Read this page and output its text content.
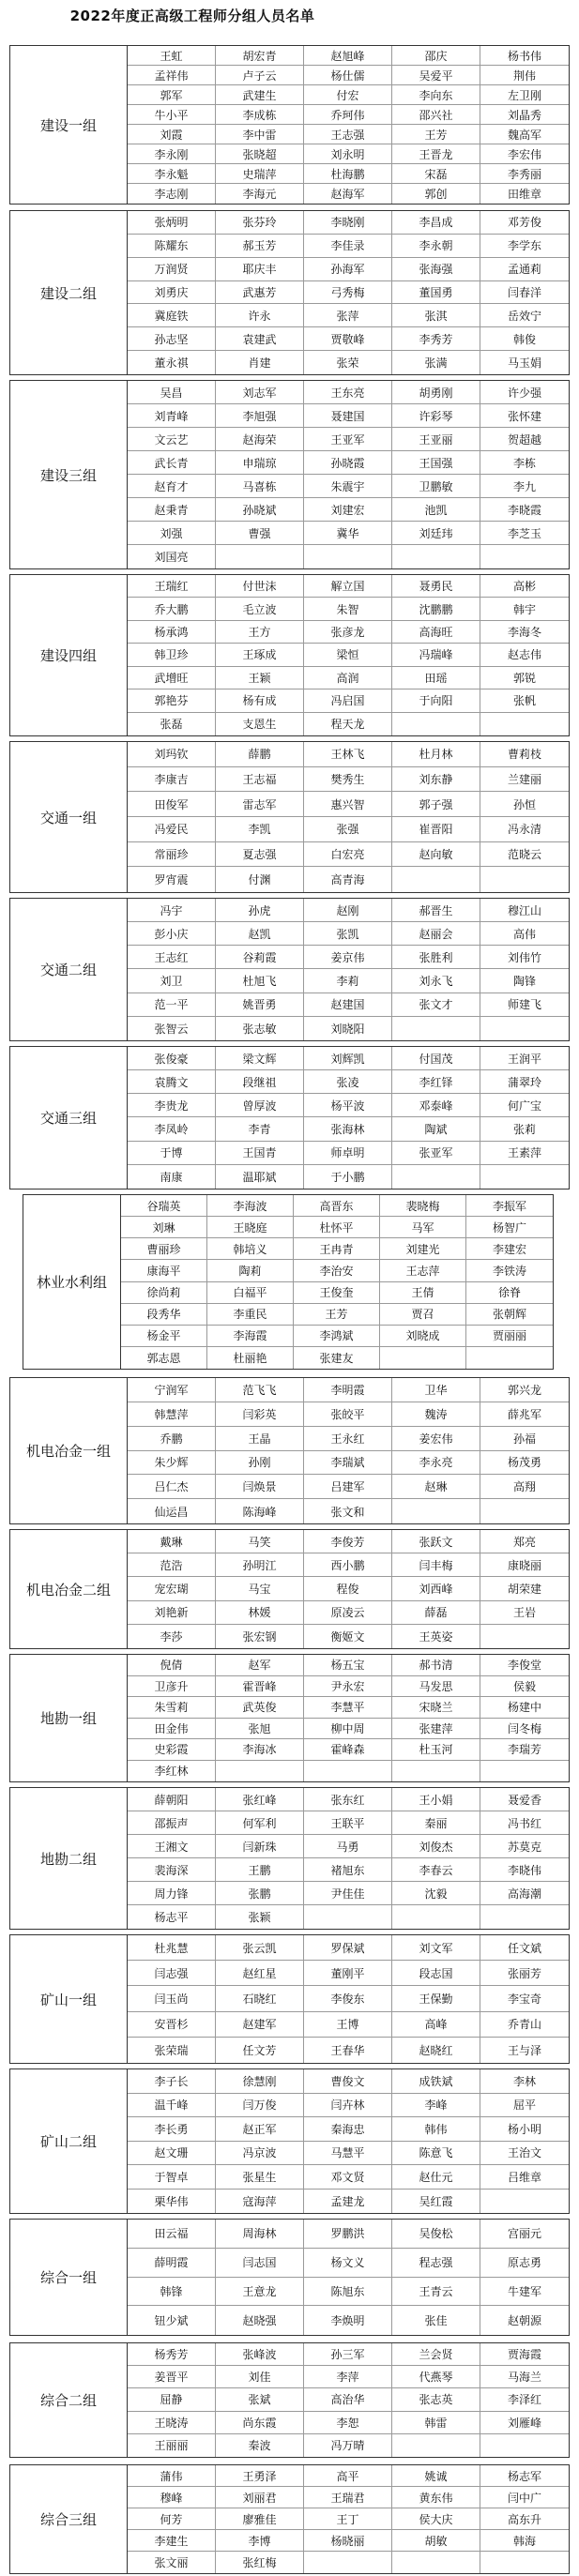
2022年度正高级工程师分组人员名单
建设一组
王虹	胡宏青	赵旭峰	邵庆	杨书伟
孟祥伟	卢子云	杨仕儒	吴爱平	荆伟
郭军	武建生	付宏	李向东	左卫刚
牛小平	李成栋	乔珂伟	邵兴社	刘晶秀
刘霞	李中雷	王志强	王芳	魏高军
李永刚	张晓超	刘永明	王晋龙	李宏伟
李永魁	史瑞萍	杜海鹏	宋磊	李秀丽
李志刚	李海元	赵海军	郭创	田维章
建设二组
张炳明	张芬玲	李晓刚	李昌成	邓芳俊
陈耀东	郝玉芳	李佳录	李永朝	李学东
万润贤	耶庆丰	孙海军	张海强	孟通莉
刘勇庆	武惠芳	弓秀梅	董国勇	闫春洋
冀庭铁	许永	张萍	张淇	岳效宁
孙志坚	袁建武	贾敬峰	李秀芳	韩俊
董永祺	肖建	张荣	张满	马玉娟
建设三组
吴昌	刘志军	王东亮	胡勇刚	许少强
刘青峰	李旭强	聂建国	许彩琴	张怀建
文云艺	赵海荣	王亚军	王亚丽	贺超越
武长青	申瑞琼	孙晓霞	王国强	李栋
赵育才	马喜栋	朱震宇	卫鹏敏	李九
赵秉青	孙晓斌	刘建宏	池凯	李晓霞
刘强	曹强	冀华	刘廷玮	李芝玉
刘国亮
建设四组
王瑞红	付世沫	解立国	聂勇民	高彬
乔大鹏	毛立波	朱智	沈鹏鹏	韩宇
杨承鸿	王方	张彦龙	高海旺	李海冬
韩卫珍	王琢成	梁恒	冯瑞峰	赵志伟
武增旺	王颖	高润	田瑶	郭锐
郭艳芬	杨有成	冯启国	于向阳	张帆
张磊	支恩生	程天龙
交通一组
刘玛钦	薛鹏	王林飞	杜月林	曹莉枝
李康吉	王志福	樊秀生	刘东静	兰建丽
田俊军	雷志军	惠兴智	郭子强	孙恒
冯爱民	李凯	张强	崔晋阳	冯永清
常丽珍	夏志强	白宏亮	赵向敏	范晓云
罗宵震	付渊	高青海
交通二组
冯宇	孙虎	赵刚	郝晋生	穆江山
彭小庆	赵凯	张凯	赵丽会	高伟
王志红	谷莉霞	姜京伟	张胜利	刘伟竹
刘卫	杜旭飞	李莉	刘永飞	陶锋
范一平	姚晋勇	赵建国	张文才	师建飞
张智云	张志敏	刘晓阳
交通三组
张俊豪	梁文辉	刘辉凯	付国茂	王润平
袁腾文	段继祖	张凌	李红铎	蒲翠玲
李贵龙	曾厚波	杨平波	邓泰峰	何广宝
李凤岭	李青	张海林	陶斌	张莉
于博	王国青	师卓明	张亚军	王素萍
南康	温耶斌	于小鹏
林业水利组
谷瑞英	李海波	高晋东	裴晓梅	李振军
刘琳	王晓庭	杜怀平	马军	杨智广
曹丽珍	韩培义	王冉青	刘建光	李建宏
康海平	陶莉	李治安	王志萍	李铁涛
徐尚莉	白福平	王俊奎	王倩	徐脊
段秀华	李重民	王芳	贾召	张朝辉
杨金平	李海霞	李鸿斌	刘晓成	贾丽丽
郭志恩	杜丽艳	张建友
机电冶金一组
宁润军	范飞飞	李明霞	卫华	郭兴龙
韩慧萍	闫彩英	张皎平	魏涛	薛兆军
乔鹏	王晶	王永红	姜宏伟	孙福
朱少辉	孙刚	李瑞斌	李永亮	杨茂勇
吕仁杰	闫焕景	吕建军	赵琳	高翔
仙运昌	陈海峰	张文和
机电冶金二组
戴琳	马笑	李俊芳	张跃文	郑亮
范浩	孙明江	西小鹏	闫丰梅	康晓丽
宠宏瑚	马宝	程俊	刘西峰	胡荣建
刘艳新	林媛	原凌云	薛磊	王岩
李莎	张宏钢	衡姬文	王英姿
地勘一组
倪倩	赵军	杨五宝	郝书清	李俊堂
卫彦升	霍晋峰	尹永宏	马发思	侯毅
朱雪莉	武英俊	李慧平	宋晓兰	杨建中
田金伟	张旭	柳中周	张建萍	闫冬梅
史彩霞	李海冰	霍峰森	杜玉河	李瑞芳
李红林
地勘二组
薛朝阳	张红峰	张东红	王小娟	聂爱香
邵振声	何军利	王联平	秦丽	冯书红
王湘文	闫新珠	马勇	刘俊杰	苏莫克
裴海深	王鹏	褚旭东	李春云	李晓伟
周力锋	张鹏	尹佳佳	沈毅	高海潮
杨志平	张颖
矿山一组
杜兆慧	张云凯	罗保斌	刘文军	任文斌
闫志强	赵红星	董刚平	段志国	张丽芳
闫玉尚	石晓红	李俊东	王保勤	李宝奇
安晋杉	赵建军	王博	高峰	乔青山
张荣瑞	任文芳	王春华	赵晓红	王与泽
矿山二组
李子长	徐慧刚	曹俊文	成铁斌	李林
温千峰	闫万俊	闫卉林	李峰	屈平
李长勇	赵正军	秦海忠	韩伟	杨小明
赵文珊	冯京波	马慧平	陈意飞	王治文
于智卓	张星生	邓文贤	赵仕元	吕维章
栗华伟	寇海萍	孟建龙	吴红霞
综合一组
田云福	周海林	罗鹏洪	吴俊松	宫丽元
薛明霞	闫志国	杨文义	程志强	原志勇
韩锋	王意龙	陈旭东	王青云	牛建军
钮少斌	赵晓强	李焕明	张佳	赵朝源
综合二组
杨秀芳	张峰波	孙三军	兰会贤	贾海霞
姜晋平	刘佳	李萍	代燕琴	马海兰
屈静	张斌	高治华	张志英	李泽红
王晓涛	尚东霞	李恕	韩雷	刘雁峰
王丽丽	秦波	冯万晴
综合三组
蒲伟	王勇泽	高平	姚诚	杨志军
穆峰	刘丽君	王瑞君	黄东伟	闫中广
何芳	廖雅佳	王丁	侯大庆	高东升
李建生	李博	杨晓丽	胡敏	韩海
张文丽	张红梅
